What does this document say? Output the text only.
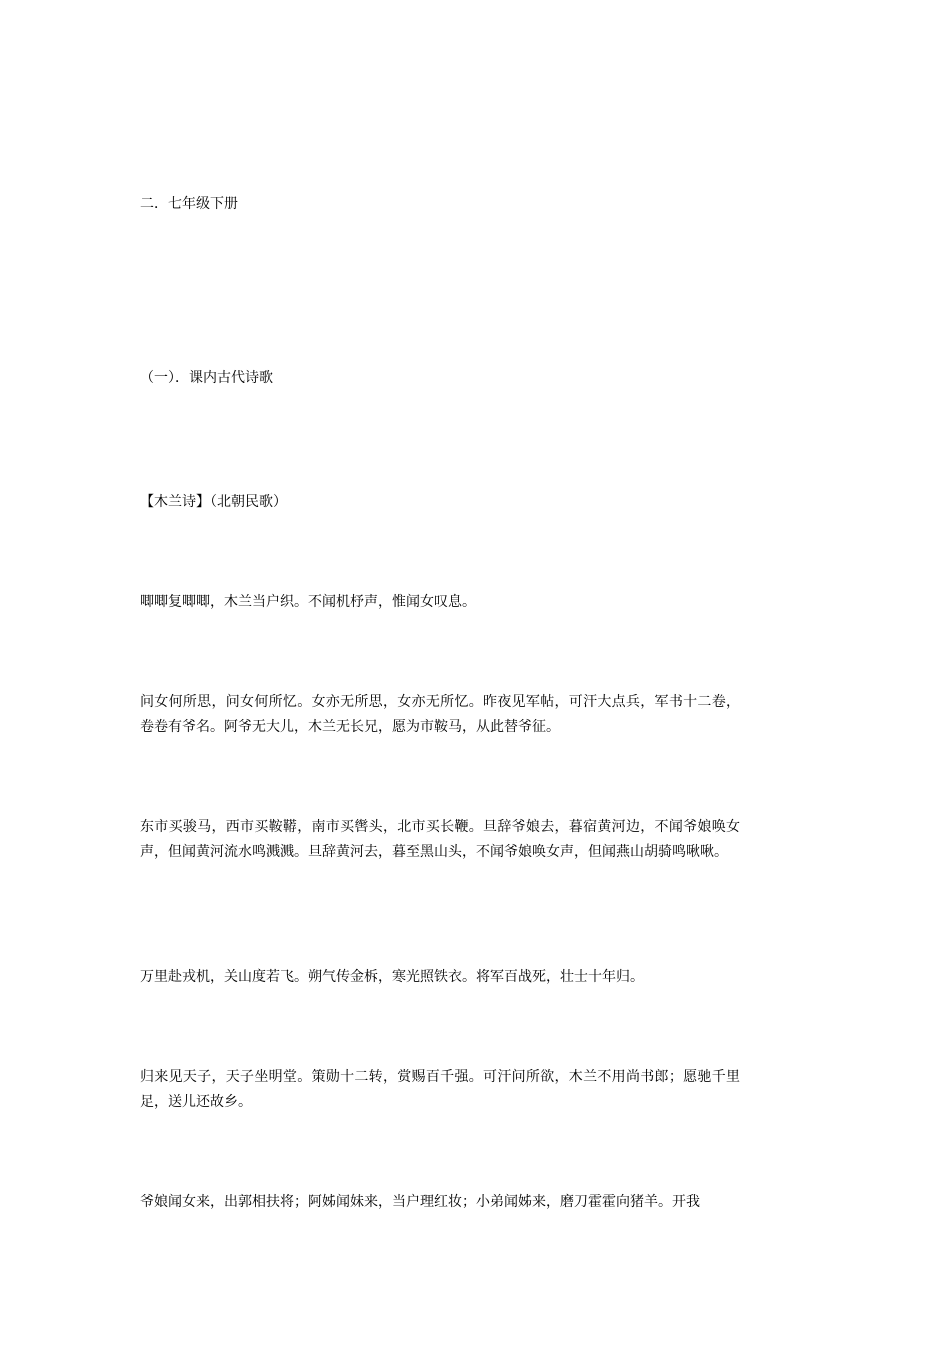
二．七年级下册
（一）．课内古代诗歌
【木兰诗】（北朝民歌）
唧唧复唧唧，木兰当户织。不闻机杼声，惟闻女叹息。
问女何所思，问女何所忆。女亦无所思，女亦无所忆。昨夜见军帖，可汗大点兵，军书十二卷，卷卷有爷名。阿爷无大儿，木兰无长兄，愿为市鞍马，从此替爷征。
东市买骏马，西市买鞍鞯，南市买辔头，北市买长鞭。旦辞爷娘去，暮宿黄河边，不闻爷娘唤女声，但闻黄河流水鸣溅溅。旦辞黄河去，暮至黑山头，不闻爷娘唤女声，但闻燕山胡骑鸣啾啾。
万里赴戎机，关山度若飞。朔气传金柝，寒光照铁衣。将军百战死，壮士十年归。
归来见天子，天子坐明堂。策勋十二转，赏赐百千强。可汗问所欲，木兰不用尚书郎；愿驰千里足，送儿还故乡。
爷娘闻女来，出郭相扶将；阿姊闻妹来，当户理红妆；小弟闻姊来，磨刀霍霍向猪羊。开我
